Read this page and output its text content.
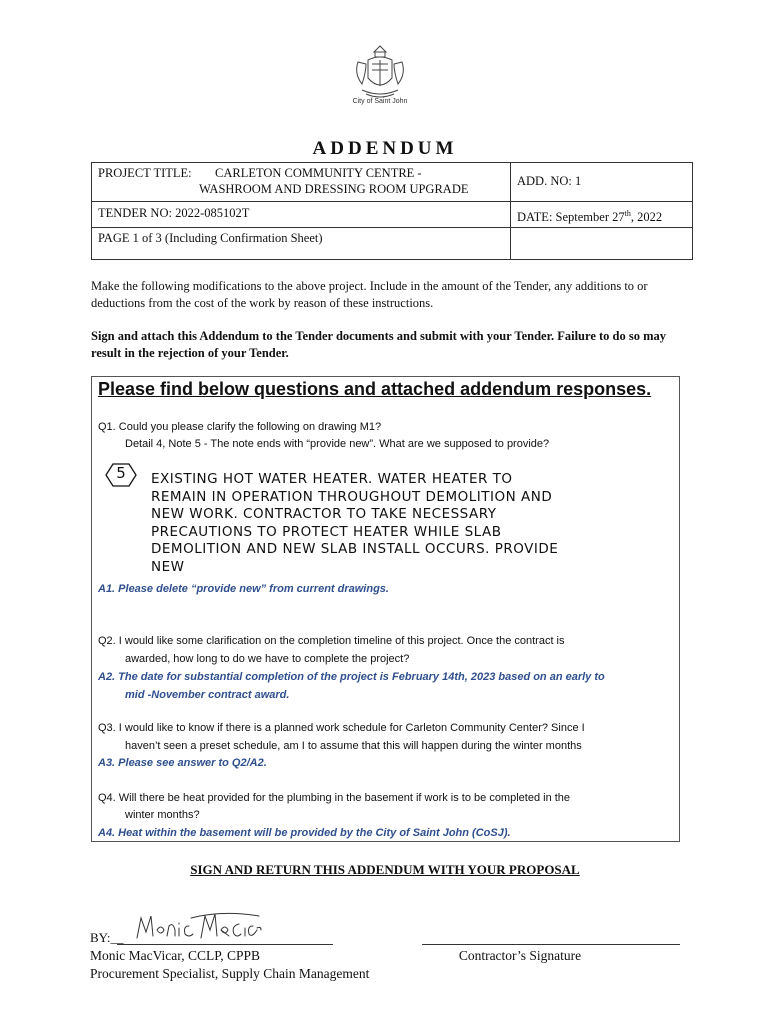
City of Saint John
ADDENDUM
PROJECT TITLE: CARLETON COMMUNITY CENTRE -
WASHROOM AND DRESSING ROOM UPGRADE
ADD. NO: 1
TENDER NO: 2022-085102T	DATE: September 27th, 2022
PAGE 1 of 3 (Including Confirmation Sheet)
Make the following modifications to the above project. Include in the amount of the Tender, any additions to or deductions from the cost of the work by reason of these instructions.
Sign and attach this Addendum to the Tender documents and submit with your Tender. Failure to do so may result in the rejection of your Tender.
Please find below questions and attached addendum responses.
Q1. Could you please clarify the following on drawing M1?
Detail 4, Note 5 - The note ends with “provide new”. What are we supposed to provide?
5	EXISTING HOT WATER HEATER. WATER HEATER TO
REMAIN IN OPERATION THROUGHOUT DEMOLITION AND
NEW WORK. CONTRACTOR TO TAKE NECESSARY
PRECAUTIONS TO PROTECT HEATER WHILE SLAB
DEMOLITION AND NEW SLAB INSTALL OCCURS. PROVIDE
NEW
A1. Please delete “provide new” from current drawings.
Q2. I would like some clarification on the completion timeline of this project. Once the contract is
awarded, how long to do we have to complete the project?
A2. The date for substantial completion of the project is February 14th, 2023 based on an early to
mid -November contract award.
Q3. I would like to know if there is a planned work schedule for Carleton Community Center? Since I
haven’t seen a preset schedule, am I to assume that this will happen during the winter months
A3. Please see answer to Q2/A2.
Q4. Will there be heat provided for the plumbing in the basement if work is to be completed in the
winter months?
A4. Heat within the basement will be provided by the City of Saint John (CoSJ).
SIGN AND RETURN THIS ADDENDUM WITH YOUR PROPOSAL
BY:__
Monic MacVicar, CCLP, CPPB
Procurement Specialist, Supply Chain Management
Contractor’s Signature
